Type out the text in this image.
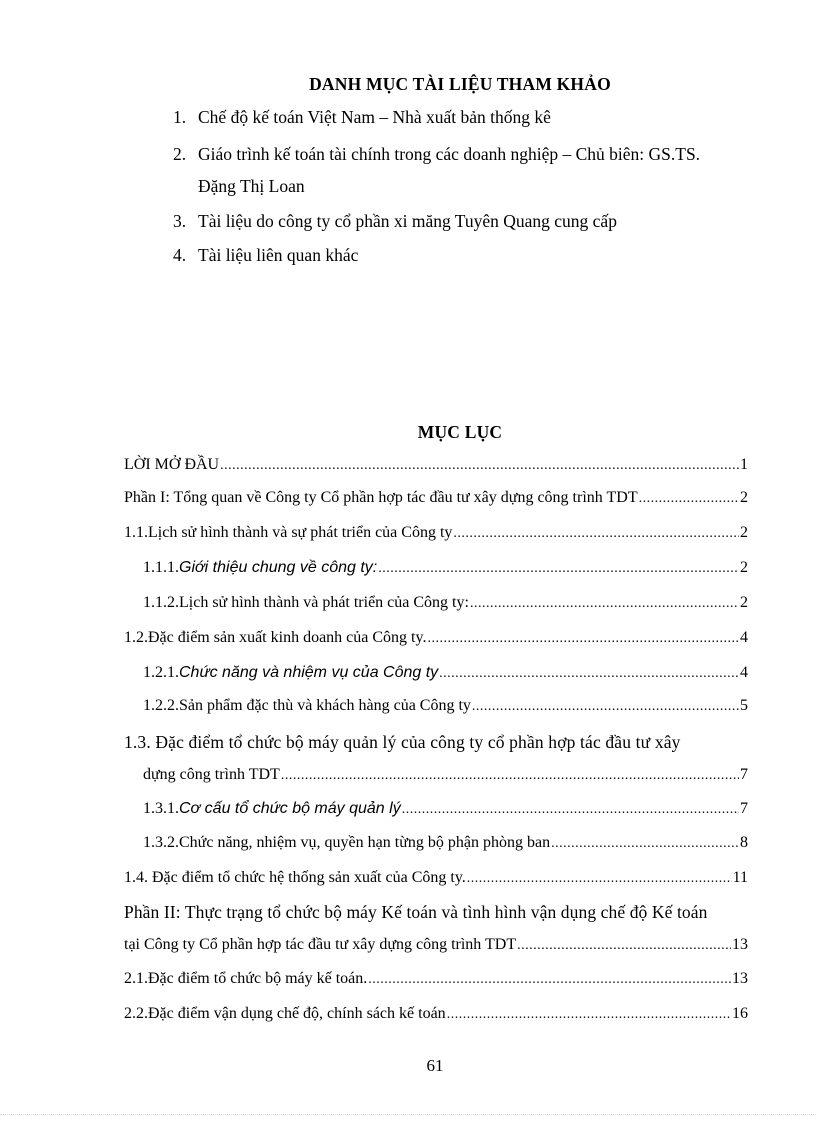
DANH MỤC TÀI LIỆU THAM KHẢO
1. Chế độ kế toán Việt Nam – Nhà xuất bản thống kê
2. Giáo trình kế toán tài chính trong các doanh nghiệp – Chủ biên: GS.TS.
Đặng Thị Loan
3. Tài liệu do công ty cổ phần xi măng Tuyên Quang cung cấp
4. Tài liệu liên quan khác
MỤC LỤC
LỜI MỞ ĐẦU .....	1
Phần I: Tổng quan về Công ty Cổ phần hợp tác đầu tư xây dựng công trình TDT .....	2
1.1. Lịch sử hình thành và sự phát triển của Công ty .....	2
1.1.1. Giới thiệu chung về công ty: .....	2
1.1.2. Lịch sử hình thành và phát triển của Công ty: .....	2
1.2. Đặc điểm sản xuất kinh doanh của Công ty. .....	4
1.2.1. Chức năng và nhiệm vụ của Công ty .....	4
1.2.2. Sản phẩm đặc thù và khách hàng của Công ty .....	5
1.3. Đặc điểm tổ chức bộ máy quản lý của công ty cổ phần hợp tác đầu tư xây
dựng công trình TDT .....	7
1.3.1. Cơ cấu tổ chức bộ máy quản lý .....	7
1.3.2. Chức năng, nhiệm vụ, quyền hạn từng bộ phận phòng ban .....	8
1.4. Đặc điểm tổ chức hệ thống sản xuất của Công ty. .....	11
Phần II: Thực trạng tổ chức bộ máy Kế toán và tình hình vận dụng chế độ Kế toán
tại Công ty Cổ phần hợp tác đầu tư xây dựng công trình TDT .....	13
2.1. Đặc điểm tổ chức bộ máy kế toán. .....	13
2.2. Đặc điểm vận dụng chế độ, chính sách kế toán .....	16
61
